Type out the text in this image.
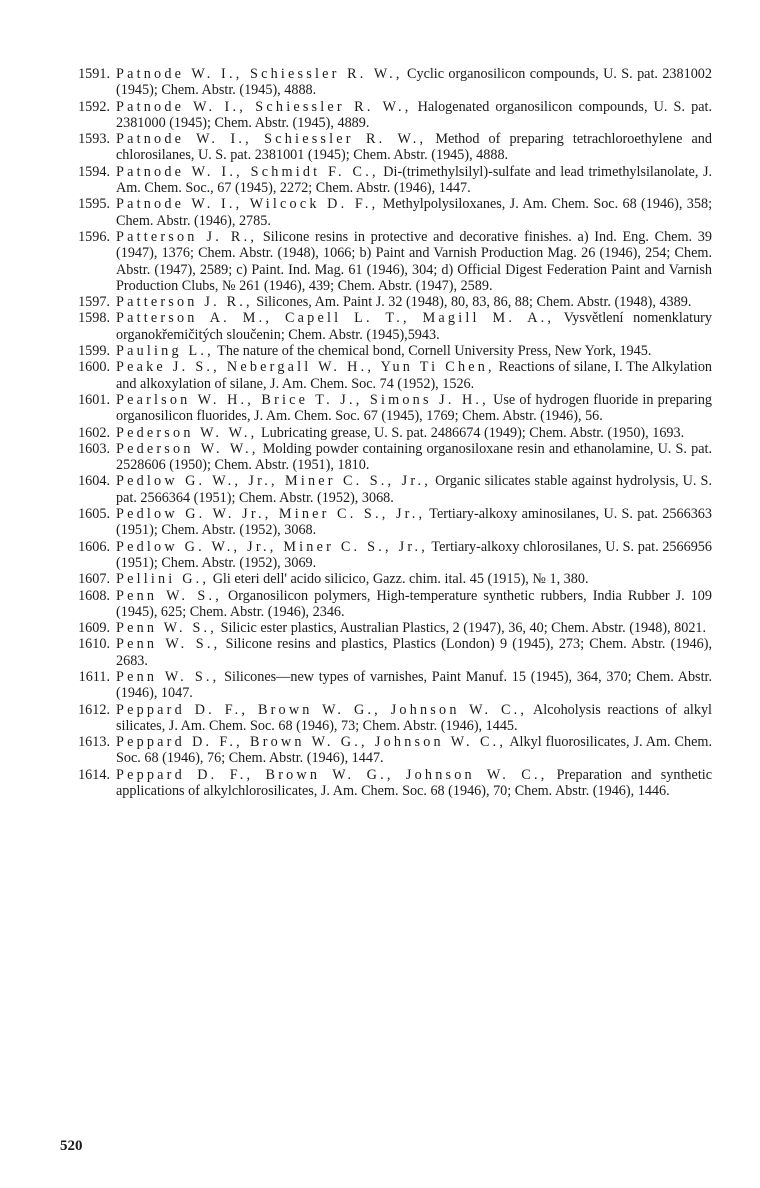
1591. Patnode W. I., Schiessler R. W., Cyclic organosilicon compounds, U. S. pat. 2381002 (1945); Chem. Abstr. (1945), 4888.
1592. Patnode W. I., Schiessler R. W., Halogenated organosilicon compounds, U. S. pat. 2381000 (1945); Chem. Abstr. (1945), 4889.
1593. Patnode W. I., Schiessler R. W., Method of preparing tetrachloroethylene and chlorosilanes, U. S. pat. 2381001 (1945); Chem. Abstr. (1945), 4888.
1594. Patnode W. I., Schmidt F. C., Di-(trimethylsilyl)-sulfate and lead trimethylsilanolate, J. Am. Chem. Soc., 67 (1945), 2272; Chem. Abstr. (1946), 1447.
1595. Patnode W. I., Wilcock D. F., Methylpolysiloxanes, J. Am. Chem. Soc. 68 (1946), 358; Chem. Abstr. (1946), 2785.
1596. Patterson J. R., Silicone resins in protective and decorative finishes. a) Ind. Eng. Chem. 39 (1947), 1376; Chem. Abstr. (1948), 1066; b) Paint and Varnish Production Mag. 26 (1946), 254; Chem. Abstr. (1947), 2589; c) Paint. Ind. Mag. 61 (1946), 304; d) Official Digest Federation Paint and Varnish Production Clubs, № 261 (1946), 439; Chem. Abstr. (1947), 2589.
1597. Patterson J. R., Silicones, Am. Paint J. 32 (1948), 80, 83, 86, 88; Chem. Abstr. (1948), 4389.
1598. Patterson A. M., Capell L. T., Magill M. A., Vysvětlení nomenklatury organokřemičitých sloučenin; Chem. Abstr. (1945),5943.
1599. Pauling L., The nature of the chemical bond, Cornell University Press, New York, 1945.
1600. Peake J. S., Nebergall W. H., Yun Ti Chen, Reactions of silane, I. The Alkylation and alkoxylation of silane, J. Am. Chem. Soc. 74 (1952), 1526.
1601. Pearlson W. H., Brice T. J., Simons J. H., Use of hydrogen fluoride in preparing organosilicon fluorides, J. Am. Chem. Soc. 67 (1945), 1769; Chem. Abstr. (1946), 56.
1602. Pederson W. W., Lubricating grease, U. S. pat. 2486674 (1949); Chem. Abstr. (1950), 1693.
1603. Pederson W. W., Molding powder containing organosiloxane resin and ethanolamine, U. S. pat. 2528606 (1950); Chem. Abstr. (1951), 1810.
1604. Pedlow G. W., Jr., Miner C. S., Jr., Organic silicates stable against hydrolysis, U. S. pat. 2566364 (1951); Chem. Abstr. (1952), 3068.
1605. Pedlow G. W. Jr., Miner C. S., Jr., Tertiary-alkoxy aminosilanes, U. S. pat. 2566363 (1951); Chem. Abstr. (1952), 3068.
1606. Pedlow G. W., Jr., Miner C. S., Jr., Tertiary-alkoxy chlorosilanes, U. S. pat. 2566956 (1951); Chem. Abstr. (1952), 3069.
1607. Pellini G., Gli eteri dell' acido silicico, Gazz. chim. ital. 45 (1915), № 1, 380.
1608. Penn W. S., Organosilicon polymers, High-temperature synthetic rubbers, India Rubber J. 109 (1945), 625; Chem. Abstr. (1946), 2346.
1609. Penn W. S., Silicic ester plastics, Australian Plastics, 2 (1947), 36, 40; Chem. Abstr. (1948), 8021.
1610. Penn W. S., Silicone resins and plastics, Plastics (London) 9 (1945), 273; Chem. Abstr. (1946), 2683.
1611. Penn W. S., Silicones—new types of varnishes, Paint Manuf. 15 (1945), 364, 370; Chem. Abstr. (1946), 1047.
1612. Peppard D. F., Brown W. G., Johnson W. C., Alcoholysis reactions of alkyl silicates, J. Am. Chem. Soc. 68 (1946), 73; Chem. Abstr. (1946), 1445.
1613. Peppard D. F., Brown W. G., Johnson W. C., Alkyl fluorosilicates, J. Am. Chem. Soc. 68 (1946), 76; Chem. Abstr. (1946), 1447.
1614. Peppard D. F., Brown W. G., Johnson W. C., Preparation and synthetic applications of alkylchlorosilicates, J. Am. Chem. Soc. 68 (1946), 70; Chem. Abstr. (1946), 1446.
520
